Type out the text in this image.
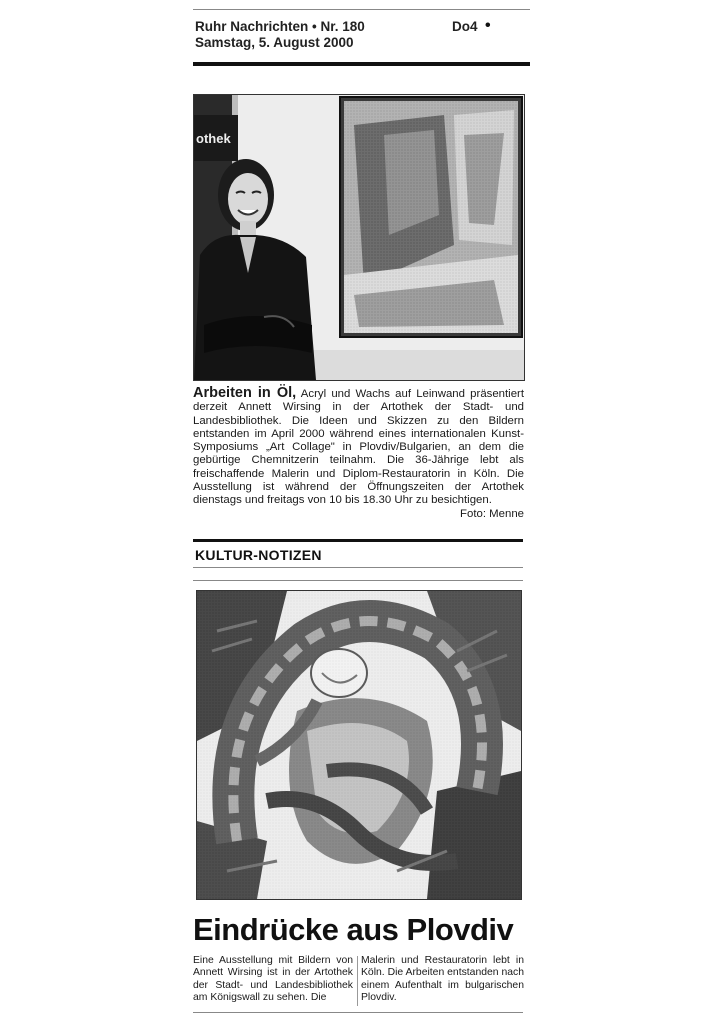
Ruhr Nachrichten • Nr. 180
Samstag, 5. August 2000
Do4 •
othek
Arbeiten in Öl, Acryl und Wachs auf Leinwand präsentiert derzeit Annett Wirsing in der Artothek der Stadt- und Landesbibliothek. Die Ideen und Skizzen zu den Bildern entstanden im April 2000 während eines internationalen Kunst-Symposiums „Art Collage" in Plovdiv/Bulgarien, an dem die gebürtige Chemnitzerin teilnahm. Die 36-Jährige lebt als freischaffende Malerin und Diplom-Restauratorin in Köln. Die Ausstellung ist während der Öffnungszeiten der Artothek dienstags und freitags von 10 bis 18.30 Uhr zu besichtigen.
Foto: Menne
KULTUR-NOTIZEN
Eindrücke aus Plovdiv
Eine Ausstellung mit Bildern von Annett Wirsing ist in der Artothek der Stadt- und Landesbibliothek am Königswall zu sehen. Die
Malerin und Restauratorin lebt in Köln. Die Arbeiten entstanden nach einem Aufenthalt im bulgarischen Plovdiv.
